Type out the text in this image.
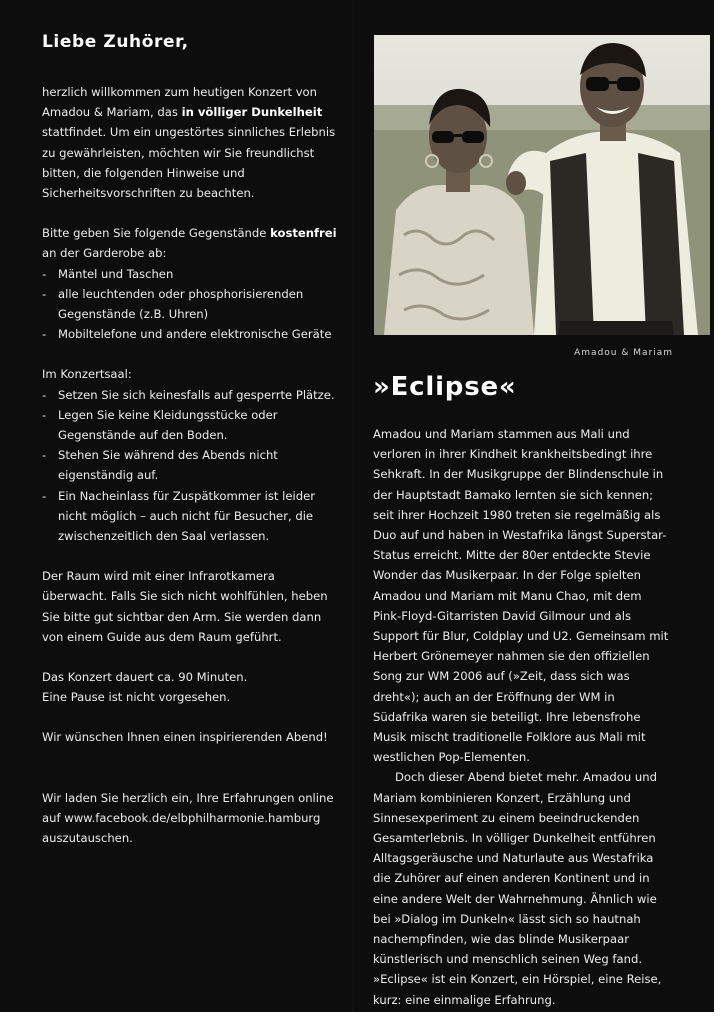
Liebe Zuhörer,

herzlich willkommen zum heutigen Konzert von Amadou & Mariam, das in völliger Dunkelheit stattfindet. Um ein ungestörtes sinnliches Erlebnis zu gewährleisten, möchten wir Sie freundlichst bitten, die folgenden Hinweise und Sicherheitsvorschriften zu beachten.

Bitte geben Sie folgende Gegenstände kostenfrei an der Garderobe ab:
- Mäntel und Taschen
- alle leuchtenden oder phosphorisierenden Gegenstände (z.B. Uhren)
- Mobiltelefone und andere elektronische Geräte
Im Konzertsaal:
- Setzen Sie sich keinesfalls auf gesperrte Plätze.
- Legen Sie keine Kleidungsstücke oder Gegenstände auf den Boden.
- Stehen Sie während des Abends nicht eigenständig auf.
- Ein Nacheinlass für Zuspätkommer ist leider nicht möglich – auch nicht für Besucher, die zwischenzeitlich den Saal verlassen.

Der Raum wird mit einer Infrarotkamera überwacht. Falls Sie sich nicht wohlfühlen, heben Sie bitte gut sichtbar den Arm. Sie werden dann von einem Guide aus dem Raum geführt.

Das Konzert dauert ca. 90 Minuten.
Eine Pause ist nicht vorgesehen.

Wir wünschen Ihnen einen inspirierenden Abend!

Wir laden Sie herzlich ein, Ihre Erfahrungen online auf www.facebook.de/elbphilharmonie.hamburg auszutauschen.

Amadou & Mariam
»Eclipse«

Amadou und Mariam stammen aus Mali und verloren in ihrer Kindheit krankheitsbedingt ihre Sehkraft. In der Musikgruppe der Blindenschule in der Hauptstadt Bamako lernten sie sich kennen; seit ihrer Hochzeit 1980 treten sie regelmäßig als Duo auf und haben in Westafrika längst Superstar-Status erreicht. Mitte der 80er entdeckte Stevie Wonder das Musikerpaar. In der Folge spielten Amadou und Mariam mit Manu Chao, mit dem Pink-Floyd-Gitarristen David Gilmour und als Support für Blur, Coldplay und U2. Gemeinsam mit Herbert Grönemeyer nahmen sie den offiziellen Song zur WM 2006 auf (»Zeit, dass sich was dreht«); auch an der Eröffnung der WM in Südafrika waren sie beteiligt. Ihre lebensfrohe Musik mischt traditionelle Folklore aus Mali mit westlichen Pop-Elementen.

Doch dieser Abend bietet mehr. Amadou und Mariam kombinieren Konzert, Erzählung und Sinnesexperiment zu einem beeindruckenden Gesamterlebnis. In völliger Dunkelheit entführen Alltagsgeräusche und Naturlaute aus Westafrika die Zuhörer auf einen anderen Kontinent und in eine andere Welt der Wahrnehmung. Ähnlich wie bei »Dialog im Dunkeln« lässt sich so hautnah nachempfinden, wie das blinde Musikerpaar künstlerisch und menschlich seinen Weg fand. »Eclipse« ist ein Konzert, ein Hörspiel, eine Reise, kurz: eine einmalige Erfahrung.
